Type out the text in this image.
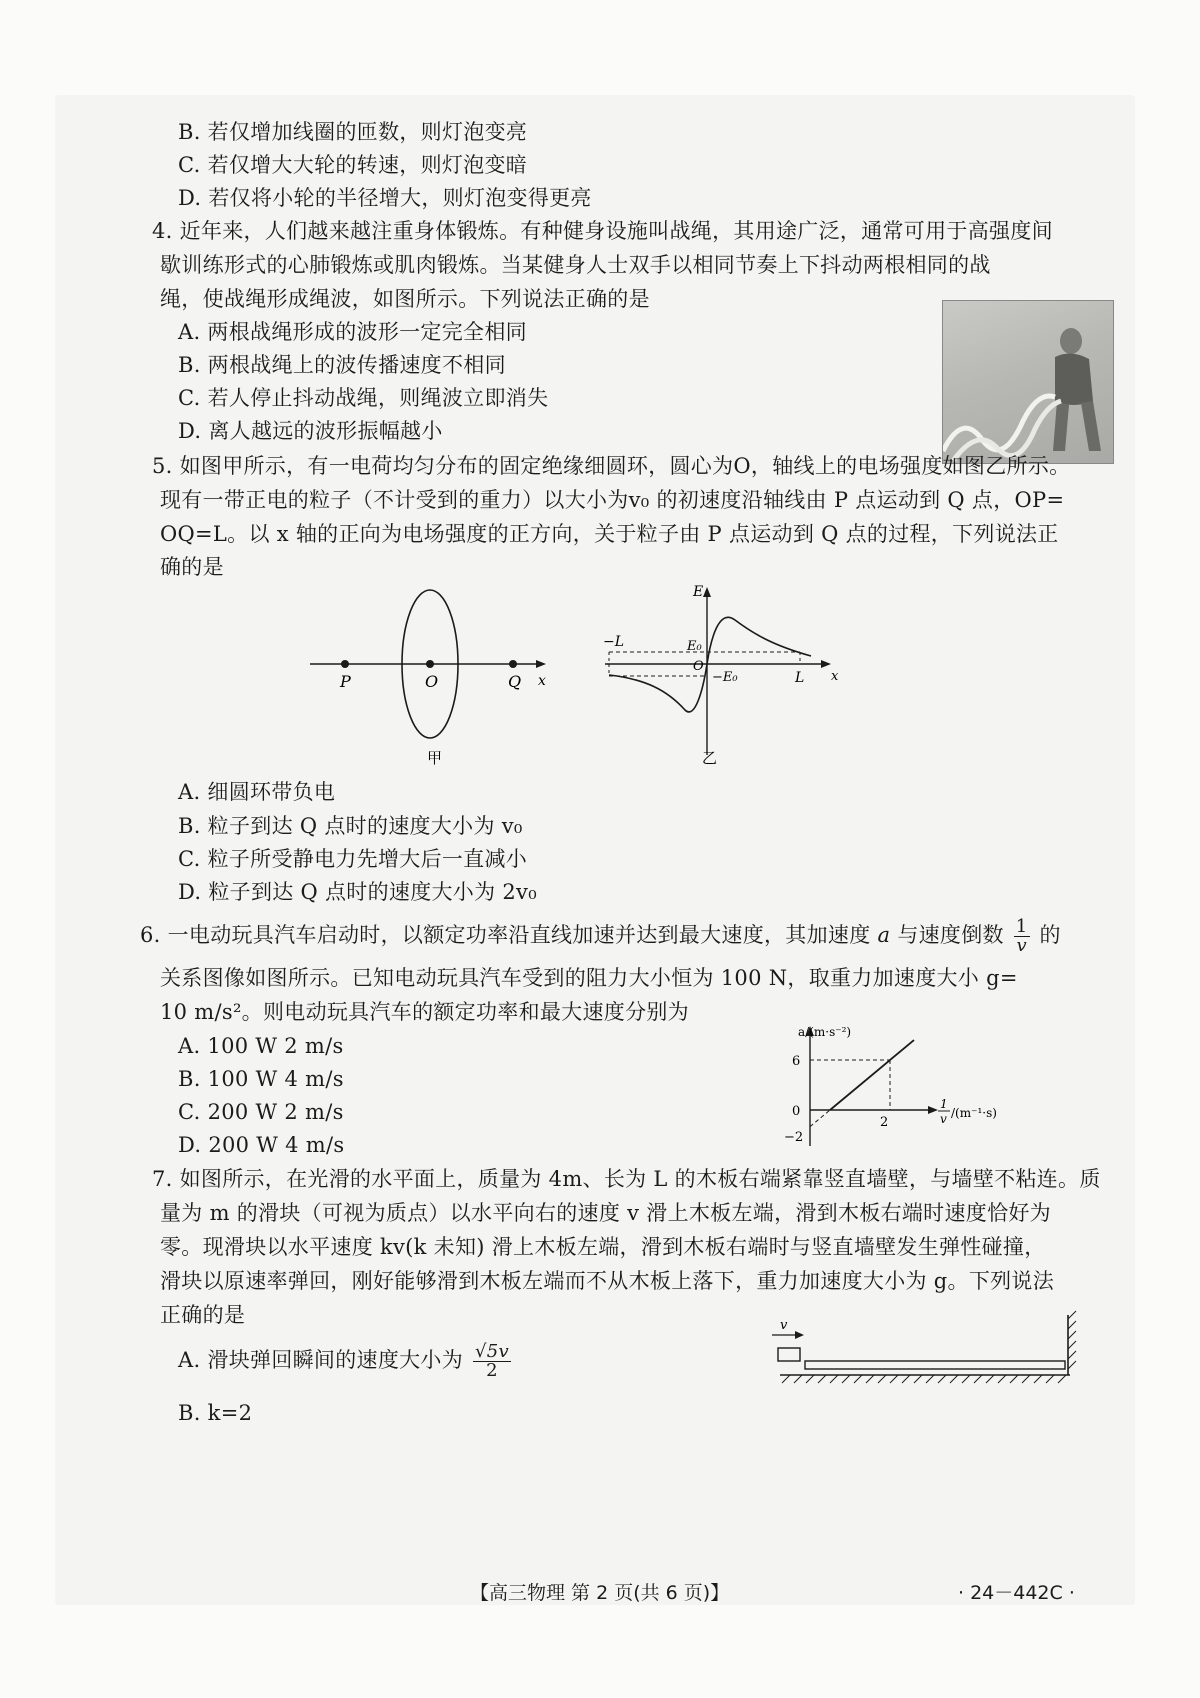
B. 若仅增加线圈的匝数，则灯泡变亮
C. 若仅增大大轮的转速，则灯泡变暗
D. 若仅将小轮的半径增大，则灯泡变得更亮
4. 近年来，人们越来越注重身体锻炼。有种健身设施叫战绳，其用途广泛，通常可用于高强度间
歇训练形式的心肺锻炼或肌肉锻炼。当某健身人士双手以相同节奏上下抖动两根相同的战
绳，使战绳形成绳波，如图所示。下列说法正确的是
A. 两根战绳形成的波形一定完全相同
B. 两根战绳上的波传播速度不相同
C. 若人停止抖动战绳，则绳波立即消失
D. 离人越远的波形振幅越小
5. 如图甲所示，有一电荷均匀分布的固定绝缘细圆环，圆心为O，轴线上的电场强度如图乙所示。
现有一带正电的粒子（不计受到的重力）以大小为v₀ 的初速度沿轴线由 P 点运动到 Q 点，OP=
OQ=L。以 x 轴的正向为电场强度的正方向，关于粒子由 P 点运动到 Q 点的过程，下列说法正
确的是
P	O	Q x
甲
E
E₀
−E₀
−L
L
O
x
乙
A. 细圆环带负电
B. 粒子到达 Q 点时的速度大小为 v₀
C. 粒子所受静电力先增大后一直减小
D. 粒子到达 Q 点时的速度大小为 2v₀
6. 一电动玩具汽车启动时，以额定功率沿直线加速并达到最大速度，其加速度 a 与速度倒数 $\frac{1}{v}$ 的
关系图像如图所示。已知电动玩具汽车受到的阻力大小恒为 100 N，取重力加速度大小 g=
10 m/s²。则电动玩具汽车的额定功率和最大速度分别为
A. 100 W 2 m/s
B. 100 W 4 m/s
C. 200 W 2 m/s
D. 200 W 4 m/s
a/(m·s⁻²)
1
v /(m⁻¹·s)
6
0
−2
2
7. 如图所示，在光滑的水平面上，质量为 4m、长为 L 的木板右端紧靠竖直墙壁，与墙壁不粘连。质
量为 m 的滑块（可视为质点）以水平向右的速度 v 滑上木板左端，滑到木板右端时速度恰好为
零。现滑块以水平速度 kv(k 未知) 滑上木板左端，滑到木板右端时与竖直墙壁发生弹性碰撞，
滑块以原速率弹回，刚好能够滑到木板左端而不从木板上落下，重力加速度大小为 g。下列说法
正确的是
A. 滑块弹回瞬间的速度大小为 $\frac{√5v}{2}$
B. k=2
v
【高三物理 第 2 页(共 6 页)】	· 24－442C ·
